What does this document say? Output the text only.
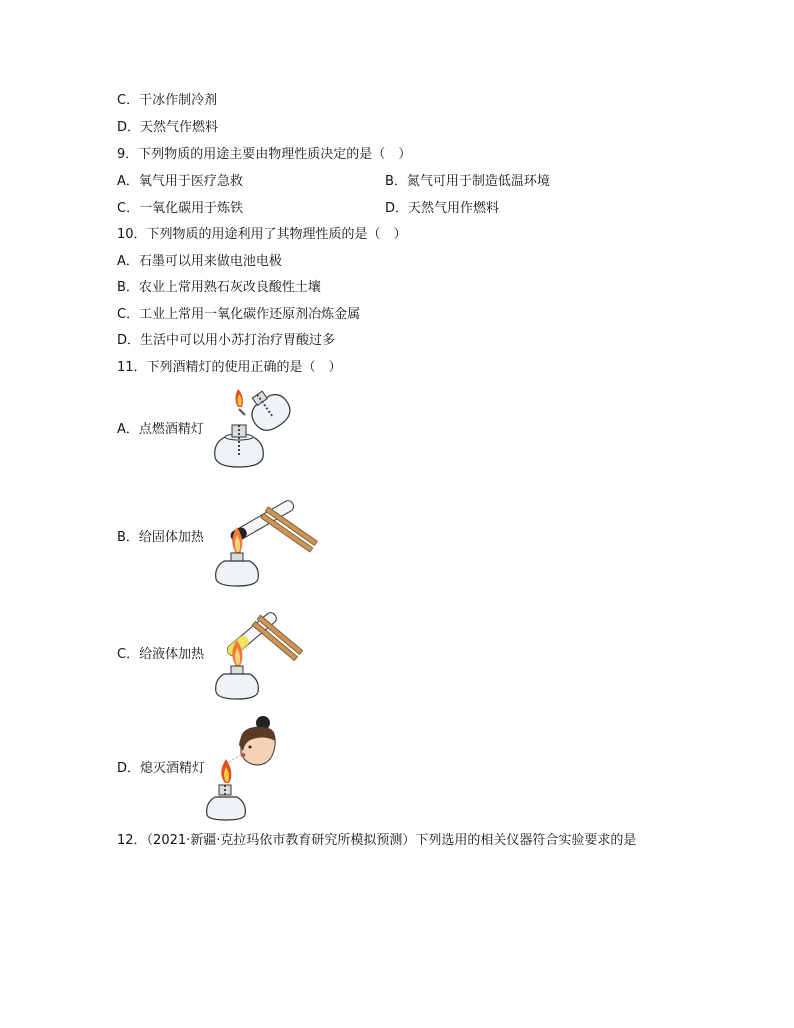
C．干冰作制冷剂
D．天然气作燃料
9．下列物质的用途主要由物理性质决定的是（　）
A．氧气用于医疗急救	B．氮气可用于制造低温环境
C．一氧化碳用于炼铁	D．天然气用作燃料
10．下列物质的用途利用了其物理性质的是（　）
A．石墨可以用来做电池电极
B．农业上常用熟石灰改良酸性土壤
C．工业上常用一氧化碳作还原剂冶炼金属
D．生活中可以用小苏打治疗胃酸过多
11．下列酒精灯的使用正确的是（　）
A．点燃酒精灯
B．给固体加热
C．给液体加热
D．熄灭酒精灯
12．（2021·新疆·克拉玛依市教育研究所模拟预测）下列选用的相关仪器符合实验要求的是
